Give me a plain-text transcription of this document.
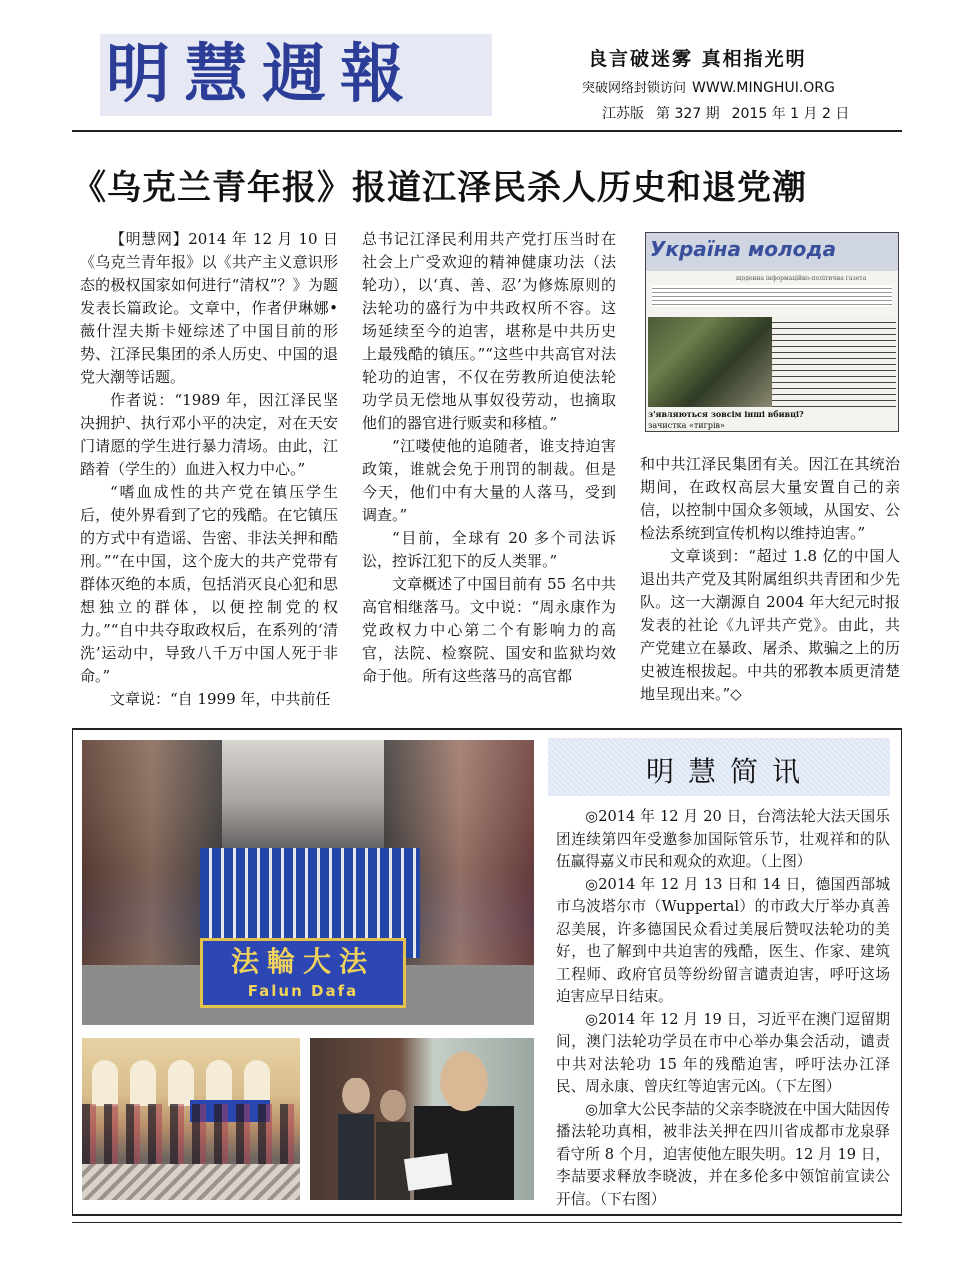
明慧週報	良言破迷雾 真相指光明
突破网络封锁访问 WWW.MINGHUI.ORG
江苏版 第 327 期 2015 年 1 月 2 日
《乌克兰青年报》报道江泽民杀人历史和退党潮

【明慧网】2014 年 12 月 10 日《乌克兰青年报》以《共产主义意识形态的极权国家如何进行“清权”？》为题发表长篇政论。文章中，作者伊琳娜•薇什涅夫斯卡娅综述了中国目前的形势、江泽民集团的杀人历史、中国的退党大潮等话题。

作者说：“1989 年，因江泽民坚决拥护、执行邓小平的决定，对在天安门请愿的学生进行暴力清场。由此，江踏着（学生的）血进入权力中心。”

“嗜血成性的共产党在镇压学生后，使外界看到了它的残酷。在它镇压的方式中有造谣、告密、非法关押和酷刑。”“在中国，这个庞大的共产党带有群体灭绝的本质，包括消灭良心犯和思想独立的群体，以便控制党的权力。”“自中共夺取政权后，在系列的‘清洗’运动中，导致八千万中国人死于非命。”

文章说：“自 1999 年，中共前任

总书记江泽民利用共产党打压当时在社会上广受欢迎的精神健康功法（法轮功），以‘真、善、忍’为修炼原则的法轮功的盛行为中共政权所不容。这场延续至今的迫害，堪称是中共历史上最残酷的镇压。”“这些中共高官对法轮功的迫害，不仅在劳教所迫使法轮功学员无偿地从事奴役劳动，也摘取他们的器官进行贩卖和移植。”

“江喽使他的追随者，谁支持迫害政策，谁就会免于刑罚的制裁。但是今天，他们中有大量的人落马，受到调查。”

“目前，全球有 20 多个司法诉讼，控诉江犯下的反人类罪。”

文章概述了中国目前有 55 名中共高官相继落马。文中说：“周永康作为党政权力中心第二个有影响力的高官，法院、检察院、国安和监狱均效命于他。所有这些落马的高官都

Україна молода
щоденна інформаційно-політична газета
з'являються зовсім інші вбивці?
зачистка «тигрів»

和中共江泽民集团有关。因江在其统治期间，在政权高层大量安置自己的亲信，以控制中国众多领域，从国安、公检法系统到宣传机构以维持迫害。”

文章谈到：“超过 1.8 亿的中国人退出共产党及其附属组织共青团和少先队。这一大潮源自 2004 年大纪元时报发表的社论《九评共产党》。由此，共产党建立在暴政、屠杀、欺骗之上的历史被连根拔起。中共的邪教本质更清楚地呈现出来。”◇

法輪大法
Falun Dafa
明慧简讯

◎2014 年 12 月 20 日，台湾法轮大法天国乐团连续第四年受邀参加国际管乐节，壮观祥和的队伍赢得嘉义市民和观众的欢迎。（上图）

◎2014 年 12 月 13 日和 14 日，德国西部城市乌波塔尔市（Wuppertal）的市政大厅举办真善忍美展，许多德国民众看过美展后赞叹法轮功的美好，也了解到中共迫害的残酷，医生、作家、建筑工程师、政府官员等纷纷留言谴责迫害，呼吁这场迫害应早日结束。

◎2014 年 12 月 19 日，习近平在澳门逗留期间，澳门法轮功学员在市中心举办集会活动，谴责中共对法轮功 15 年的残酷迫害，呼吁法办江泽民、周永康、曾庆红等迫害元凶。（下左图）

◎加拿大公民李喆的父亲李晓波在中国大陆因传播法轮功真相，被非法关押在四川省成都市龙泉驿看守所 8 个月，迫害使他左眼失明。12 月 19 日，李喆要求释放李晓波，并在多伦多中领馆前宣读公开信。（下右图）
